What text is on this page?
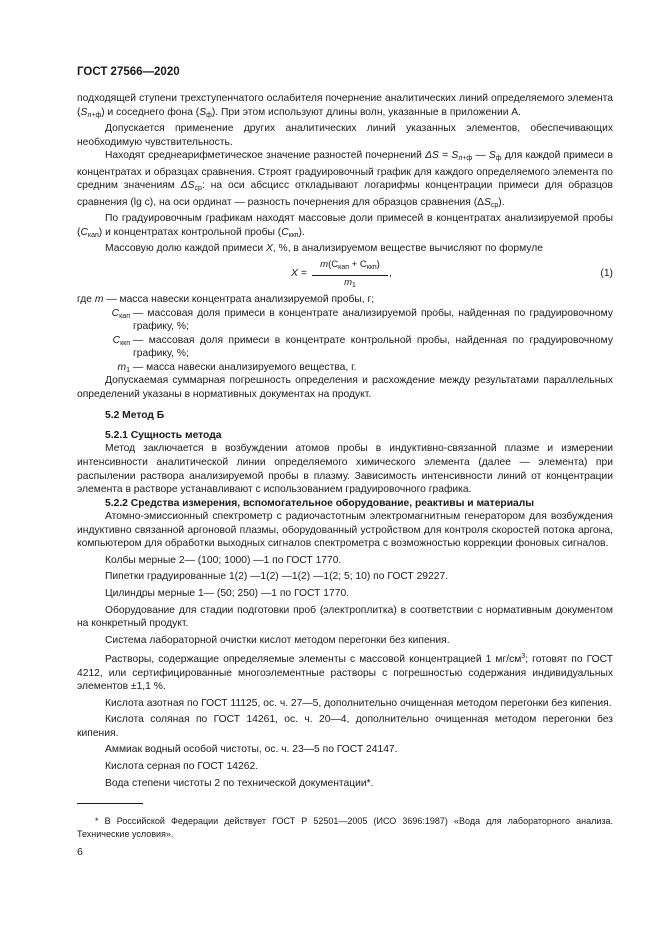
ГОСТ 27566—2020

подходящей ступени трехступенчатого ослабителя почернение аналитических линий определяемого элемента $(S_{л+ф})$ и соседнего фона $(S_ф)$. При этом используют длины волн, указанные в приложении А.

Допускается применение других аналитических линий указанных элементов, обеспечивающих необходимую чувствительность.

Находят среднеарифметическое значение разностей почернений $\Delta S = S_{л+ф}$ — $S_ф$ для каждой примеси в концентратах и образцах сравнения. Строят градуировочный график для каждого определяемого элемента по средним значениям $\Delta S_{ср}$: на оси абсцисс откладывают логарифмы концентрации примеси для образцов сравнения (lg c), на оси ординат — разность почернения для образцов сравнения $(\Delta S_{ср})$.

По градуировочным графикам находят массовые доли примесей в концентратах анализируемой пробы $(C_{кап})$ и концентратах контрольной пробы $(C_{ккп})$.

Массовую долю каждой примеси X, %, в анализируемом веществе вычисляют по формуле

X =
$m(C_{кап} + C_{ккп})$
$m_1$
,	(1)

где m — масса навески концентрата анализируемой пробы, г;

$C_{кап}$ — массовая доля примеси в концентрате анализируемой пробы, найденная по градуировочному графику, %;

$C_{ккп}$ — массовая доля примеси в концентрате контрольной пробы, найденная по градуировочному графику, %;

$m_1$ — масса навески анализируемого вещества, г.

Допускаемая суммарная погрешность определения и расхождение между результатами параллельных определений указаны в нормативных документах на продукт.

5.2 Метод Б

5.2.1 Сущность метода

Метод заключается в возбуждении атомов пробы в индуктивно-связанной плазме и измерении интенсивности аналитической линии определяемого химического элемента (далее — элемента) при распылении раствора анализируемой пробы в плазму. Зависимость интенсивности линий от концентрации элемента в растворе устанавливают с использованием градуировочного графика.

5.2.2 Средства измерения, вспомогательное оборудование, реактивы и материалы

Атомно-эмиссионный спектрометр с радиочастотным электромагнитным генератором для возбуждения индуктивно связанной аргоновой плазмы, оборудованный устройством для контроля скоростей потока аргона, компьютером для обработки выходных сигналов спектрометра с возможностью коррекции фоновых сигналов.

Колбы мерные 2— (100; 1000) —1 по ГОСТ 1770.

Пипетки градуированные 1(2) —1(2) —1(2) —1(2; 5; 10) по ГОСТ 29227.

Цилиндры мерные 1— (50; 250) —1 по ГОСТ 1770.

Оборудование для стадии подготовки проб (электроплитка) в соответствии с нормативным документом на конкретный продукт.

Система лабораторной очистки кислот методом перегонки без кипения.

Растворы, содержащие определяемые элементы с массовой концентрацией 1 $мг/см^3$; готовят по ГОСТ 4212, или сертифицированные многоэлементные растворы с погрешностью содержания индивидуальных элементов ±1,1 %.

Кислота азотная по ГОСТ 11125, ос. ч. 27—5, дополнительно очищенная методом перегонки без кипения.

Кислота соляная по ГОСТ 14261, ос. ч. 20—4, дополнительно очищенная методом перегонки без кипения.

Аммиак водный особой чистоты, ос. ч. 23—5 по ГОСТ 24147.

Кислота серная по ГОСТ 14262.

Вода степени чистоты 2 по технической документации*.

* В Российской Федерации действует ГОСТ Р 52501—2005 (ИСО 3696:1987) «Вода для лабораторного анализа. Технические условия».
6
